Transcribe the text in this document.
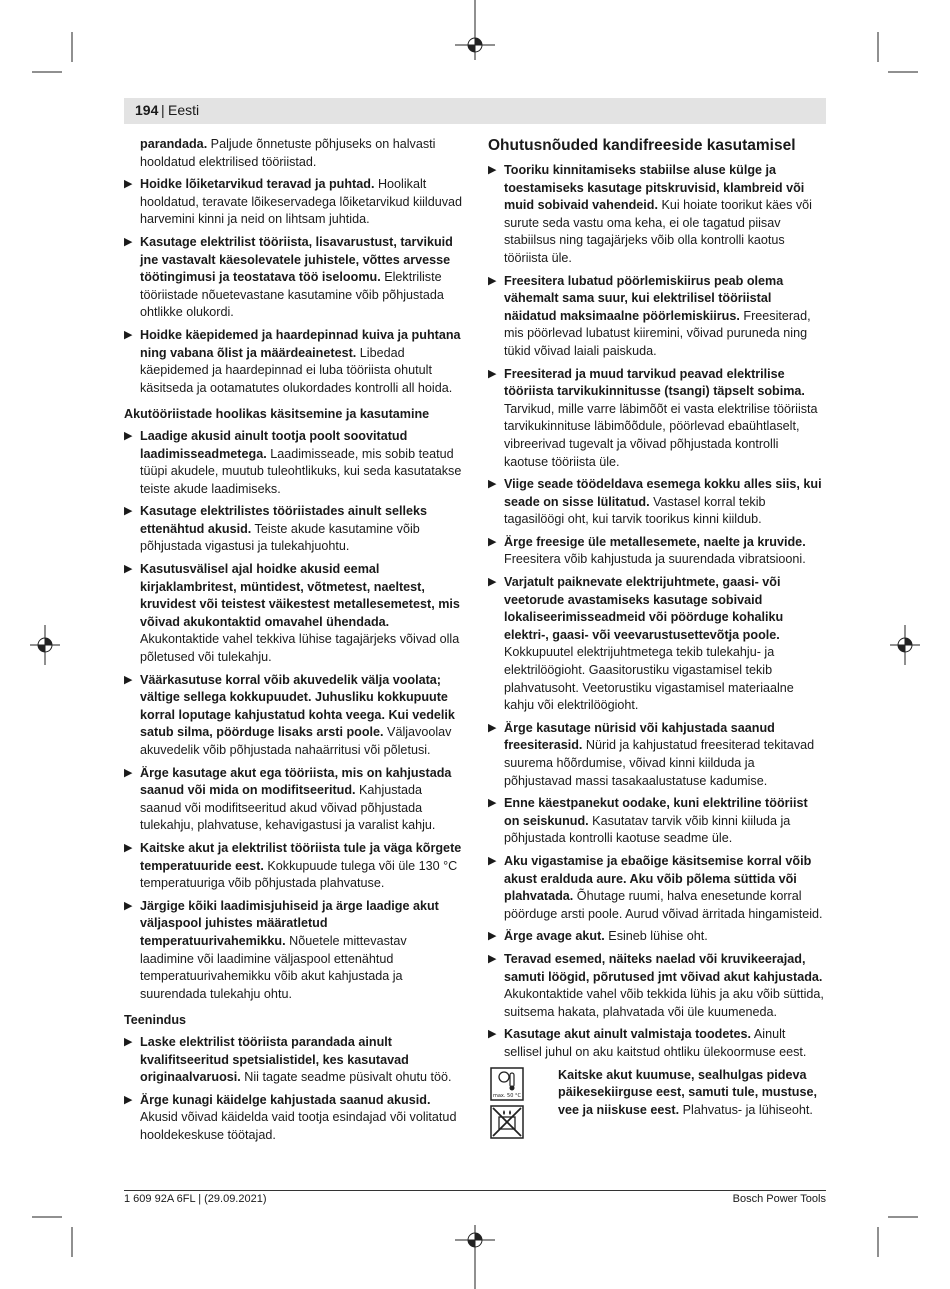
194 | Eesti

parandada. Paljude õnnetuste põhjuseks on halvasti hooldatud elektrilised tööriistad.

▶ Hoidke lõiketarvikud teravad ja puhtad. Hoolikalt hooldatud, teravate lõikeservadega lõiketarvikud kiilduvad harvemini kinni ja neid on lihtsam juhtida.
▶ Kasutage elektrilist tööriista, lisavarustust, tarvikuid jne vastavalt käesolevatele juhistele, võttes arvesse töötingimusi ja teostatava töö iseloomu. Elektriliste tööriistade nõuetevastane kasutamine võib põhjustada ohtlikke olukordi.
▶ Hoidke käepidemed ja haardepinnad kuiva ja puhtana ning vabana õlist ja määrdeainetest. Libedad käepidemed ja haardepinnad ei luba tööriista ohutult käsitseda ja ootamatutes olukordades kontrolli all hoida.
Akutööriistade hoolikas käsitsemine ja kasutamine
▶ Laadige akusid ainult tootja poolt soovitatud laadimisseadmetega. Laadimisseade, mis sobib teatud tüüpi akudele, muutub tuleohtlikuks, kui seda kasutatakse teiste akude laadimiseks.
▶ Kasutage elektrilistes tööriistades ainult selleks ettenähtud akusid. Teiste akude kasutamine võib põhjustada vigastusi ja tulekahjuohtu.
▶ Kasutusvälisel ajal hoidke akusid eemal kirjaklambritest, müntidest, võtmetest, naeltest, kruvidest või teistest väikestest metallesemetest, mis võivad akukontaktid omavahel ühendada. Akukontaktide vahel tekkiva lühise tagajärjeks võivad olla põletused või tulekahju.
▶ Väärkasutuse korral võib akuvedelik välja voolata; vältige sellega kokkupuudet. Juhusliku kokkupuute korral loputage kahjustatud kohta veega. Kui vedelik satub silma, pöörduge lisaks arsti poole. Väljavoolav akuvedelik võib põhjustada nahaärritusi või põletusi.
▶ Ärge kasutage akut ega tööriista, mis on kahjustada saanud või mida on modifitseeritud. Kahjustada saanud või modifitseeritud akud võivad põhjustada tulekahju, plahvatuse, kehavigastusi ja varalist kahju.
▶ Kaitske akut ja elektrilist tööriista tule ja väga kõrgete temperatuuride eest. Kokkupuude tulega või üle 130 °C temperatuuriga võib põhjustada plahvatuse.
▶ Järgige kõiki laadimisjuhiseid ja ärge laadige akut väljaspool juhistes määratletud temperatuurivahemikku. Nõuetele mittevastav laadimine või laadimine väljaspool ettenähtud temperatuurivahemikku võib akut kahjustada ja suurendada tulekahju ohtu.
Teenindus
▶ Laske elektrilist tööriista parandada ainult kvalifitseeritud spetsialistidel, kes kasutavad originaalvaruosi. Nii tagate seadme püsivalt ohutu töö.
▶ Ärge kunagi käidelge kahjustada saanud akusid. Akusid võivad käidelda vaid tootja esindajad või volitatud hooldekeskuse töötajad.
Ohutusnõuded kandifreeside kasutamisel
▶ Tooriku kinnitamiseks stabiilse aluse külge ja toestamiseks kasutage pitskruvisid, klambreid või muid sobivaid vahendeid. Kui hoiate toorikut käes või surute seda vastu oma keha, ei ole tagatud piisav stabiilsus ning tagajärjeks võib olla kontrolli kaotus tööriista üle.
▶ Freesitera lubatud pöörlemiskiirus peab olema vähemalt sama suur, kui elektrilisel tööriistal näidatud maksimaalne pöörlemiskiirus. Freesiterad, mis pöörlevad lubatust kiiremini, võivad puruneda ning tükid võivad laiali paiskuda.
▶ Freesiterad ja muud tarvikud peavad elektrilise tööriista tarvikukinnitusse (tsangi) täpselt sobima. Tarvikud, mille varre läbimõõt ei vasta elektrilise tööriista tarvikukinnituse läbimõõdule, pöörlevad ebaühtlaselt, vibreerivad tugevalt ja võivad põhjustada kontrolli kaotuse tööriista üle.
▶ Viige seade töödeldava esemega kokku alles siis, kui seade on sisse lülitatud. Vastasel korral tekib tagasilöögi oht, kui tarvik toorikus kinni kiildub.
▶ Ärge freesige üle metallesemete, naelte ja kruvide. Freesitera võib kahjustuda ja suurendada vibratsiooni.
▶ Varjatult paiknevate elektrijuhtmete, gaasi- või veetorude avastamiseks kasutage sobivaid lokaliseerimisseadmeid või pöörduge kohaliku elektri-, gaasi- või veevarustusettevõtja poole. Kokkupuutel elektrijuhtmetega tekib tulekahju- ja elektrilöögioht. Gaasitorustiku vigastamisel tekib plahvatusoht. Veetorustiku vigastamisel materiaalne kahju või elektrilöögioht.
▶ Ärge kasutage nürisid või kahjustada saanud freesiterasid. Nürid ja kahjustatud freesiterad tekitavad suurema hõõrdumise, võivad kinni kiilduda ja põhjustavad massi tasakaalustatuse kadumise.
▶ Enne käestpanekut oodake, kuni elektriline tööriist on seiskunud. Kasutatav tarvik võib kinni kiiluda ja põhjustada kontrolli kaotuse seadme üle.
▶ Aku vigastamise ja ebaõige käsitsemise korral võib akust eralduda aure. Aku võib põlema süttida või plahvatada. Õhutage ruumi, halva enesetunde korral pöörduge arsti poole. Aurud võivad ärritada hingamisteid.
▶ Ärge avage akut. Esineb lühise oht.
▶ Teravad esemed, näiteks naelad või kruvikeerajad, samuti löögid, põrutused jmt võivad akut kahjustada. Akukontaktide vahel võib tekkida lühis ja aku võib süttida, suitsema hakata, plahvatada või üle kuumeneda.
▶ Kasutage akut ainult valmistaja toodetes. Ainult sellisel juhul on aku kaitstud ohtliku ülekoormuse eest.
max. 50 °C
Kaitske akut kuumuse, sealhulgas pideva päikesekiirguse eest, samuti tule, mustuse, vee ja niiskuse eest. Plahvatus- ja lühiseoht.
1 609 92A 6FL | (29.09.2021)	Bosch Power Tools
